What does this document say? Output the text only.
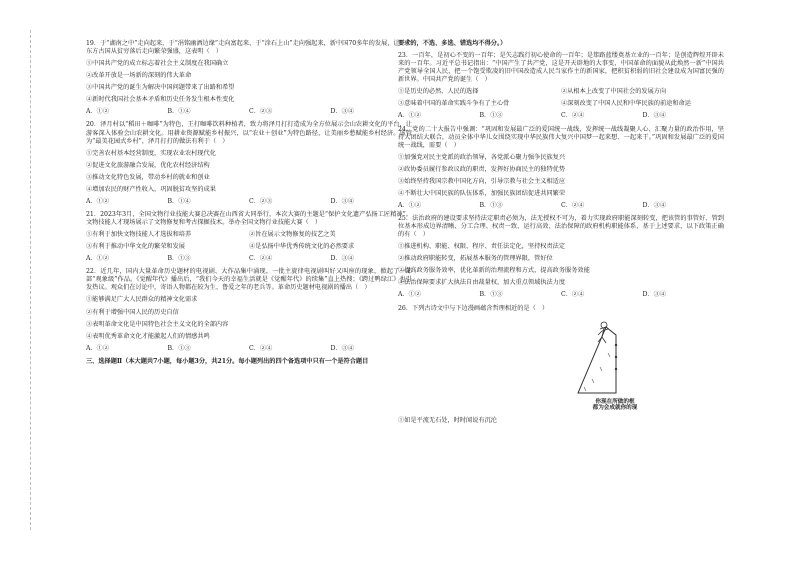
19．于“湖南之中”走向起来，于“涓铭幽洒边缘”走向富起来，于“涂石上山”走向强起来，新中国70多年的发展，让一个东方古国从贫穷落后走向繁荣强盛，这表明（　）

①中国共产党的成立标志着社会主义制度在我国确立
②改革开放是一场新的深刻的伟大革命
③中国共产党的诞生为解决中国问题带来了出路和希望
④新时代我国社会基本矛盾和历史任务发生根本性变化
A．①②	B．①④	C．②③	D．③④

20．泽月村以“稻田＋咖啡”为特色，王打咖啡饮料种植者，致力将泽月打打造成为全方位展示会山农耕文化的平台，让游客深入体验会山农耕文化。用耕业资源赋能乡村振兴，以“农业＋创业”为特色路径，让美丽乡愁赋能乡村经济。该管为“最美花园式乡村”，泽月打打的做法有利于（　）

①完善农村基本经营制度，实现农业农村现代化
②促进文化旅游融合发展，优化农村经济结构
③推动文化特色发展，带动乡村的就业和创业
④增加农民的财产性收入，巩固脱贫攻坚的成果
A．①②	B．①④	C．②③	D．③④

21．2023年3月，全国文物行业技能大赛总决赛在山西省大同举行，本次大赛的主题是“保护文化遗产弘扬工匠精神”。文物技能人才现场展示了文物修复和考古探掘技术。举办全国文物行业技能大赛（　）

①有利于加快文物技能人才选拔和培养	②旨在展示文物修复的技艺之美
③有利于推动中华文化的繁荣和发展	④是弘扬中华优秀传统文化的必然要求
A．①②	B．①③	C．②④	D．③④

22．近几年，国内大量革命历史题材的电视剧、大作品集中涌现，一批主旋律电视剧叫好又叫座的现象，掀起了一部部“观象级”作品。《觉醒年代》播出后，“我们今天的幸福生活就是《觉醒年代》的续集”直上热搜；《跨过鸭绿江》也引发热议。观众们在讨论中，寄语人物都在较为生、鲁爱之年的老兵等。革命历史题材电视剧的播出（　）

①能够满足广大人民群众的精神文化需求
②有利于增强中国人民的历史自信
③表明革命文化是中国特色社会主义文化的全部内容
④表明优秀革命文化才能激起人们的情感共鸣
A．①②	B．①③	C．②④	D．③④

三、选择题Ⅱ（本大题共7小题，每小题3分，共21分。每小题列出的四个备选项中只有一个是符合题目

要求的，不选、多选、错选均不得分。）

23．一百年，是初心不变的一百年；是矢志践行初心使命的一百年；是筚路蓝缕奠基立业的一百年；是创造辉煌开辟未来的一百年。习近平总书记指出：“中国产生了共产党，这是开天辟地的大事变，中国革命的面貌从此焕然一新”中国共产党领导全国人民，把一个饱受欺凌的旧中国改造成人民当家作主的新国家，把积贫积弱的旧社会建设成为国富民强的新世界。中国共产党的诞生（　）

①是历史的必然、人民的选择	②从根本上改变了中国社会的发展方向
③意味着中国的革命实践斗争有了主心骨	④深刻改变了中国人民和中华民族的前途和命运
A．①②	B．①③	C．②④	D．③④

24．党的二十大报告中强调：“巩固和发展最广泛的爱国统一战线，发挥统一战线凝聚人心、汇聚力量的政治作用，坚持大团结大联合，动员全体中华儿女围绕实现中华民族伟大复兴中国梦一起来想、一起来干。”巩固和发展最广泛的爱国统一战线，需要（　）

①加强党对民主党派的政治领导，各党派心聚力强争民族复兴
②政协委员履行参政议政的职责，发挥好协商民主的独特优势
③始终坚持我国宗教中国化方向，引导宗教与社会主义相适应
④不断壮大中国民族的队伍体系，加强民族团结促进共同繁荣
A．①②	B．①③	C．②④	D．③④

25．法治政府的建设要求坚持法定职责必须为，法无授权不可为，着力实现政府职能深刻转变，把该管的事管好、管到位基本形成边界清晰、分工合理、权责一致、运行高效、法治保障的政府机构职能体系，基于上述要求，以下政策正确的有（　）

①推进机构、职能、权限、程序、责任法定化，坚持权责法定
②推动政府职能转变，拓展基本服务的管理界限，管好位
③提高政务服务效率，优化革新的治理流程和方式，提高政务服务效能
④法治保障要求扩大执法自由裁量权，加大重点领域执法力度
A．①②	B．①③	C．②④	D．③④

26．下列古诗文中与下边漫画蕴含哲理相近的是（　）

你现在所做的框
都为会成就你的现
①如是平流无石处，时时闻说有沉沦
